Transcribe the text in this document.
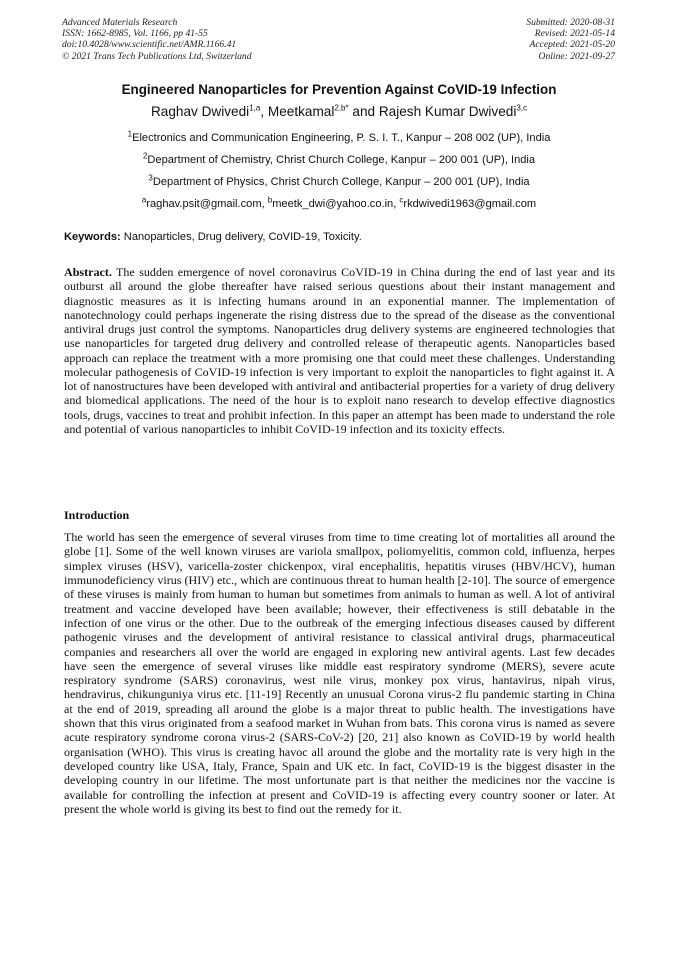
Advanced Materials Research
ISSN: 1662-8985, Vol. 1166, pp 41-55
doi:10.4028/www.scientific.net/AMR.1166.41
© 2021 Trans Tech Publications Ltd, Switzerland
Submitted: 2020-08-31
Revised: 2021-05-14
Accepted: 2021-05-20
Online: 2021-09-27
Engineered Nanoparticles for Prevention Against CoVID-19 Infection
Raghav Dwivedi$^{1,a}$, Meetkamal$^{2,b*}$ and Rajesh Kumar Dwivedi$^{3,c}$
$^1$Electronics and Communication Engineering, P. S. I. T., Kanpur – 208 002 (UP), India
$^2$Department of Chemistry, Christ Church College, Kanpur – 200 001 (UP), India
$^3$Department of Physics, Christ Church College, Kanpur – 200 001 (UP), India
$^a$raghav.psit@gmail.com, $^b$meetk_dwi@yahoo.co.in, $^c$rkdwivedi1963@gmail.com
Keywords: Nanoparticles, Drug delivery, CoVID-19, Toxicity.
Abstract. The sudden emergence of novel coronavirus CoVID-19 in China during the end of last year and its outburst all around the globe thereafter have raised serious questions about their instant management and diagnostic measures as it is infecting humans around in an exponential manner. The implementation of nanotechnology could perhaps ingenerate the rising distress due to the spread of the disease as the conventional antiviral drugs just control the symptoms. Nanoparticles drug delivery systems are engineered technologies that use nanoparticles for targeted drug delivery and controlled release of therapeutic agents. Nanoparticles based approach can replace the treatment with a more promising one that could meet these challenges. Understanding molecular pathogenesis of CoVID-19 infection is very important to exploit the nanoparticles to fight against it. A lot of nanostructures have been developed with antiviral and antibacterial properties for a variety of drug delivery and biomedical applications. The need of the hour is to exploit nano research to develop effective diagnostics tools, drugs, vaccines to treat and prohibit infection. In this paper an attempt has been made to understand the role and potential of various nanoparticles to inhibit CoVID-19 infection and its toxicity effects.
Introduction
The world has seen the emergence of several viruses from time to time creating lot of mortalities all around the globe [1]. Some of the well known viruses are variola smallpox, poliomyelitis, common cold, influenza, herpes simplex viruses (HSV), varicella-zoster chickenpox, viral encephalitis, hepatitis viruses (HBV/HCV), human immunodeficiency virus (HIV) etc., which are continuous threat to human health [2-10]. The source of emergence of these viruses is mainly from human to human but sometimes from animals to human as well. A lot of antiviral treatment and vaccine developed have been available; however, their effectiveness is still debatable in the infection of one virus or the other. Due to the outbreak of the emerging infectious diseases caused by different pathogenic viruses and the development of antiviral resistance to classical antiviral drugs, pharmaceutical companies and researchers all over the world are engaged in exploring new antiviral agents. Last few decades have seen the emergence of several viruses like middle east respiratory syndrome (MERS), severe acute respiratory syndrome (SARS) coronavirus, west nile virus, monkey pox virus, hantavirus, nipah virus, hendravirus, chikunguniya virus etc. [11-19] Recently an unusual Corona virus-2 flu pandemic starting in China at the end of 2019, spreading all around the globe is a major threat to public health. The investigations have shown that this virus originated from a seafood market in Wuhan from bats. This corona virus is named as severe acute respiratory syndrome corona virus-2 (SARS-CoV-2) [20, 21] also known as CoVID-19 by world health organisation (WHO). This virus is creating havoc all around the globe and the mortality rate is very high in the developed country like USA, Italy, France, Spain and UK etc. In fact, CoVID-19 is the biggest disaster in the developing country in our lifetime. The most unfortunate part is that neither the medicines nor the vaccine is available for controlling the infection at present and CoVID-19 is affecting every country sooner or later. At present the whole world is giving its best to find out the remedy for it.
